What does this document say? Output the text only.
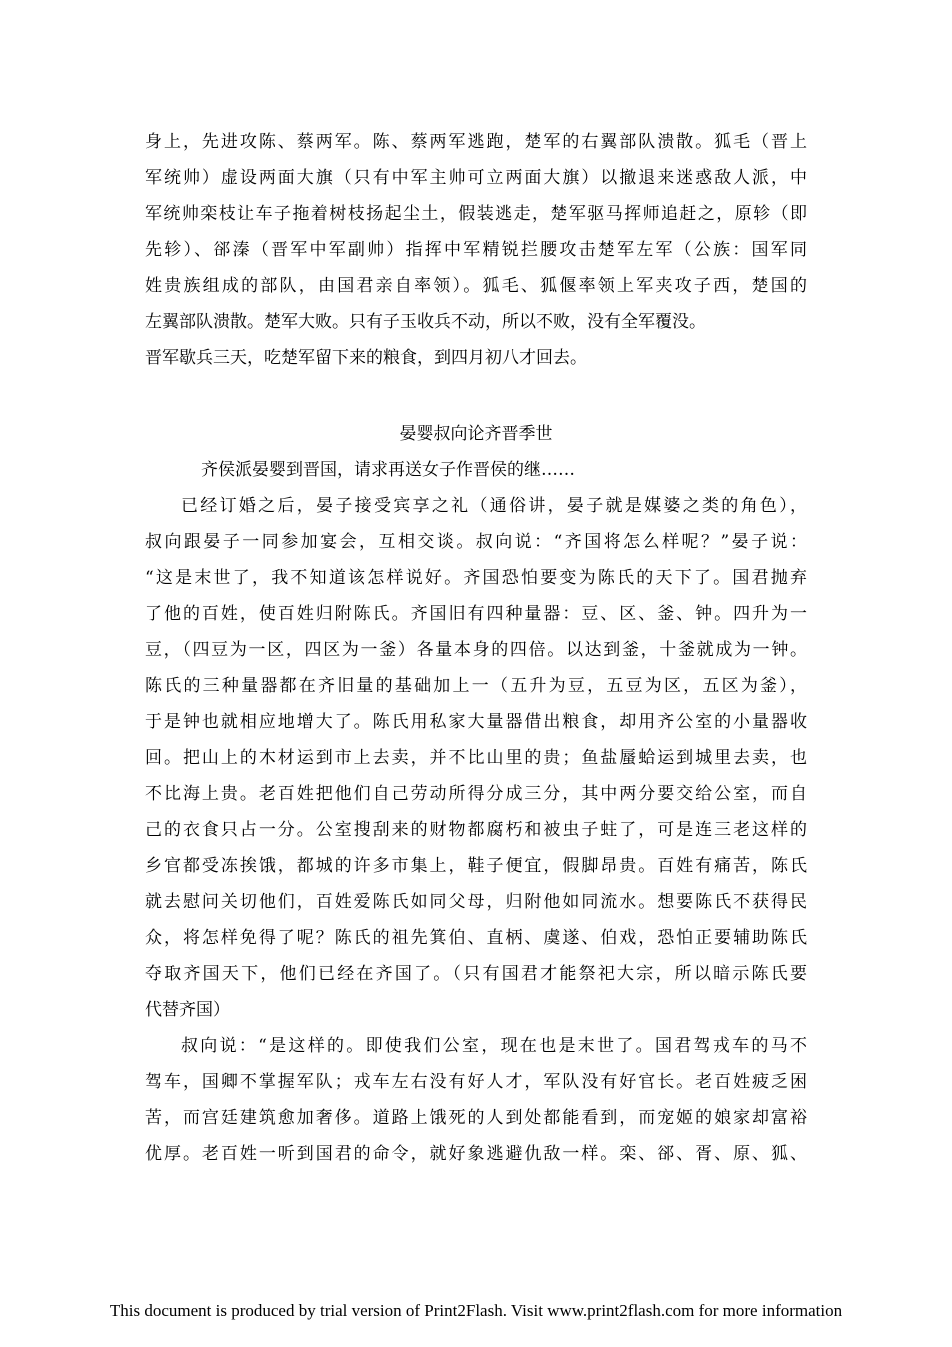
身上，先进攻陈、蔡两军。陈、蔡两军逃跑，楚军的右翼部队溃散。狐毛（晋上
军统帅）虚设两面大旗（只有中军主帅可立两面大旗）以撤退来迷惑敌人派，中
军统帅栾枝让车子拖着树枝扬起尘土，假装逃走，楚军驱马挥师追赶之，原轸（即
先轸）、郤溱（晋军中军副帅）指挥中军精锐拦腰攻击楚军左军（公族：国军同
姓贵族组成的部队，由国君亲自率领）。狐毛、狐偃率领上军夹攻子西，楚国的
左翼部队溃散。楚军大败。只有子玉收兵不动，所以不败，没有全军覆没。
晋军歇兵三天，吃楚军留下来的粮食，到四月初八才回去。
晏婴叔向论齐晋季世
齐侯派晏婴到晋国，请求再送女子作晋侯的继……
已经订婚之后，晏子接受宾享之礼（通俗讲，晏子就是媒婆之类的角色），
叔向跟晏子一同参加宴会，互相交谈。叔向说：“齐国将怎么样呢？”晏子说：
“这是末世了，我不知道该怎样说好。齐国恐怕要变为陈氏的天下了。国君抛弃
了他的百姓，使百姓归附陈氏。齐国旧有四种量器：豆、区、釜、钟。四升为一
豆，（四豆为一区，四区为一釜）各量本身的四倍。以达到釜，十釜就成为一钟。
陈氏的三种量器都在齐旧量的基础加上一（五升为豆，五豆为区，五区为釜），
于是钟也就相应地增大了。陈氏用私家大量器借出粮食，却用齐公室的小量器收
回。把山上的木材运到市上去卖，并不比山里的贵；鱼盐蜃蛤运到城里去卖，也
不比海上贵。老百姓把他们自己劳动所得分成三分，其中两分要交给公室，而自
己的衣食只占一分。公室搜刮来的财物都腐朽和被虫子蛀了，可是连三老这样的
乡官都受冻挨饿，都城的许多市集上，鞋子便宜，假脚昂贵。百姓有痛苦，陈氏
就去慰问关切他们，百姓爱陈氏如同父母，归附他如同流水。想要陈氏不获得民
众，将怎样免得了呢？陈氏的祖先箕伯、直柄、虞遂、伯戏，恐怕正要辅助陈氏
夺取齐国天下，他们已经在齐国了。（只有国君才能祭祀大宗，所以暗示陈氏要
代替齐国）
叔向说：“是这样的。即使我们公室，现在也是末世了。国君驾戎车的马不
驾车，国卿不掌握军队；戎车左右没有好人才，军队没有好官长。老百姓疲乏困
苦，而宫廷建筑愈加奢侈。道路上饿死的人到处都能看到，而宠姬的娘家却富裕
优厚。老百姓一听到国君的命令，就好象逃避仇敌一样。栾、郤、胥、原、狐、
This document is produced by trial version of Print2Flash. Visit www.print2flash.com for more information
